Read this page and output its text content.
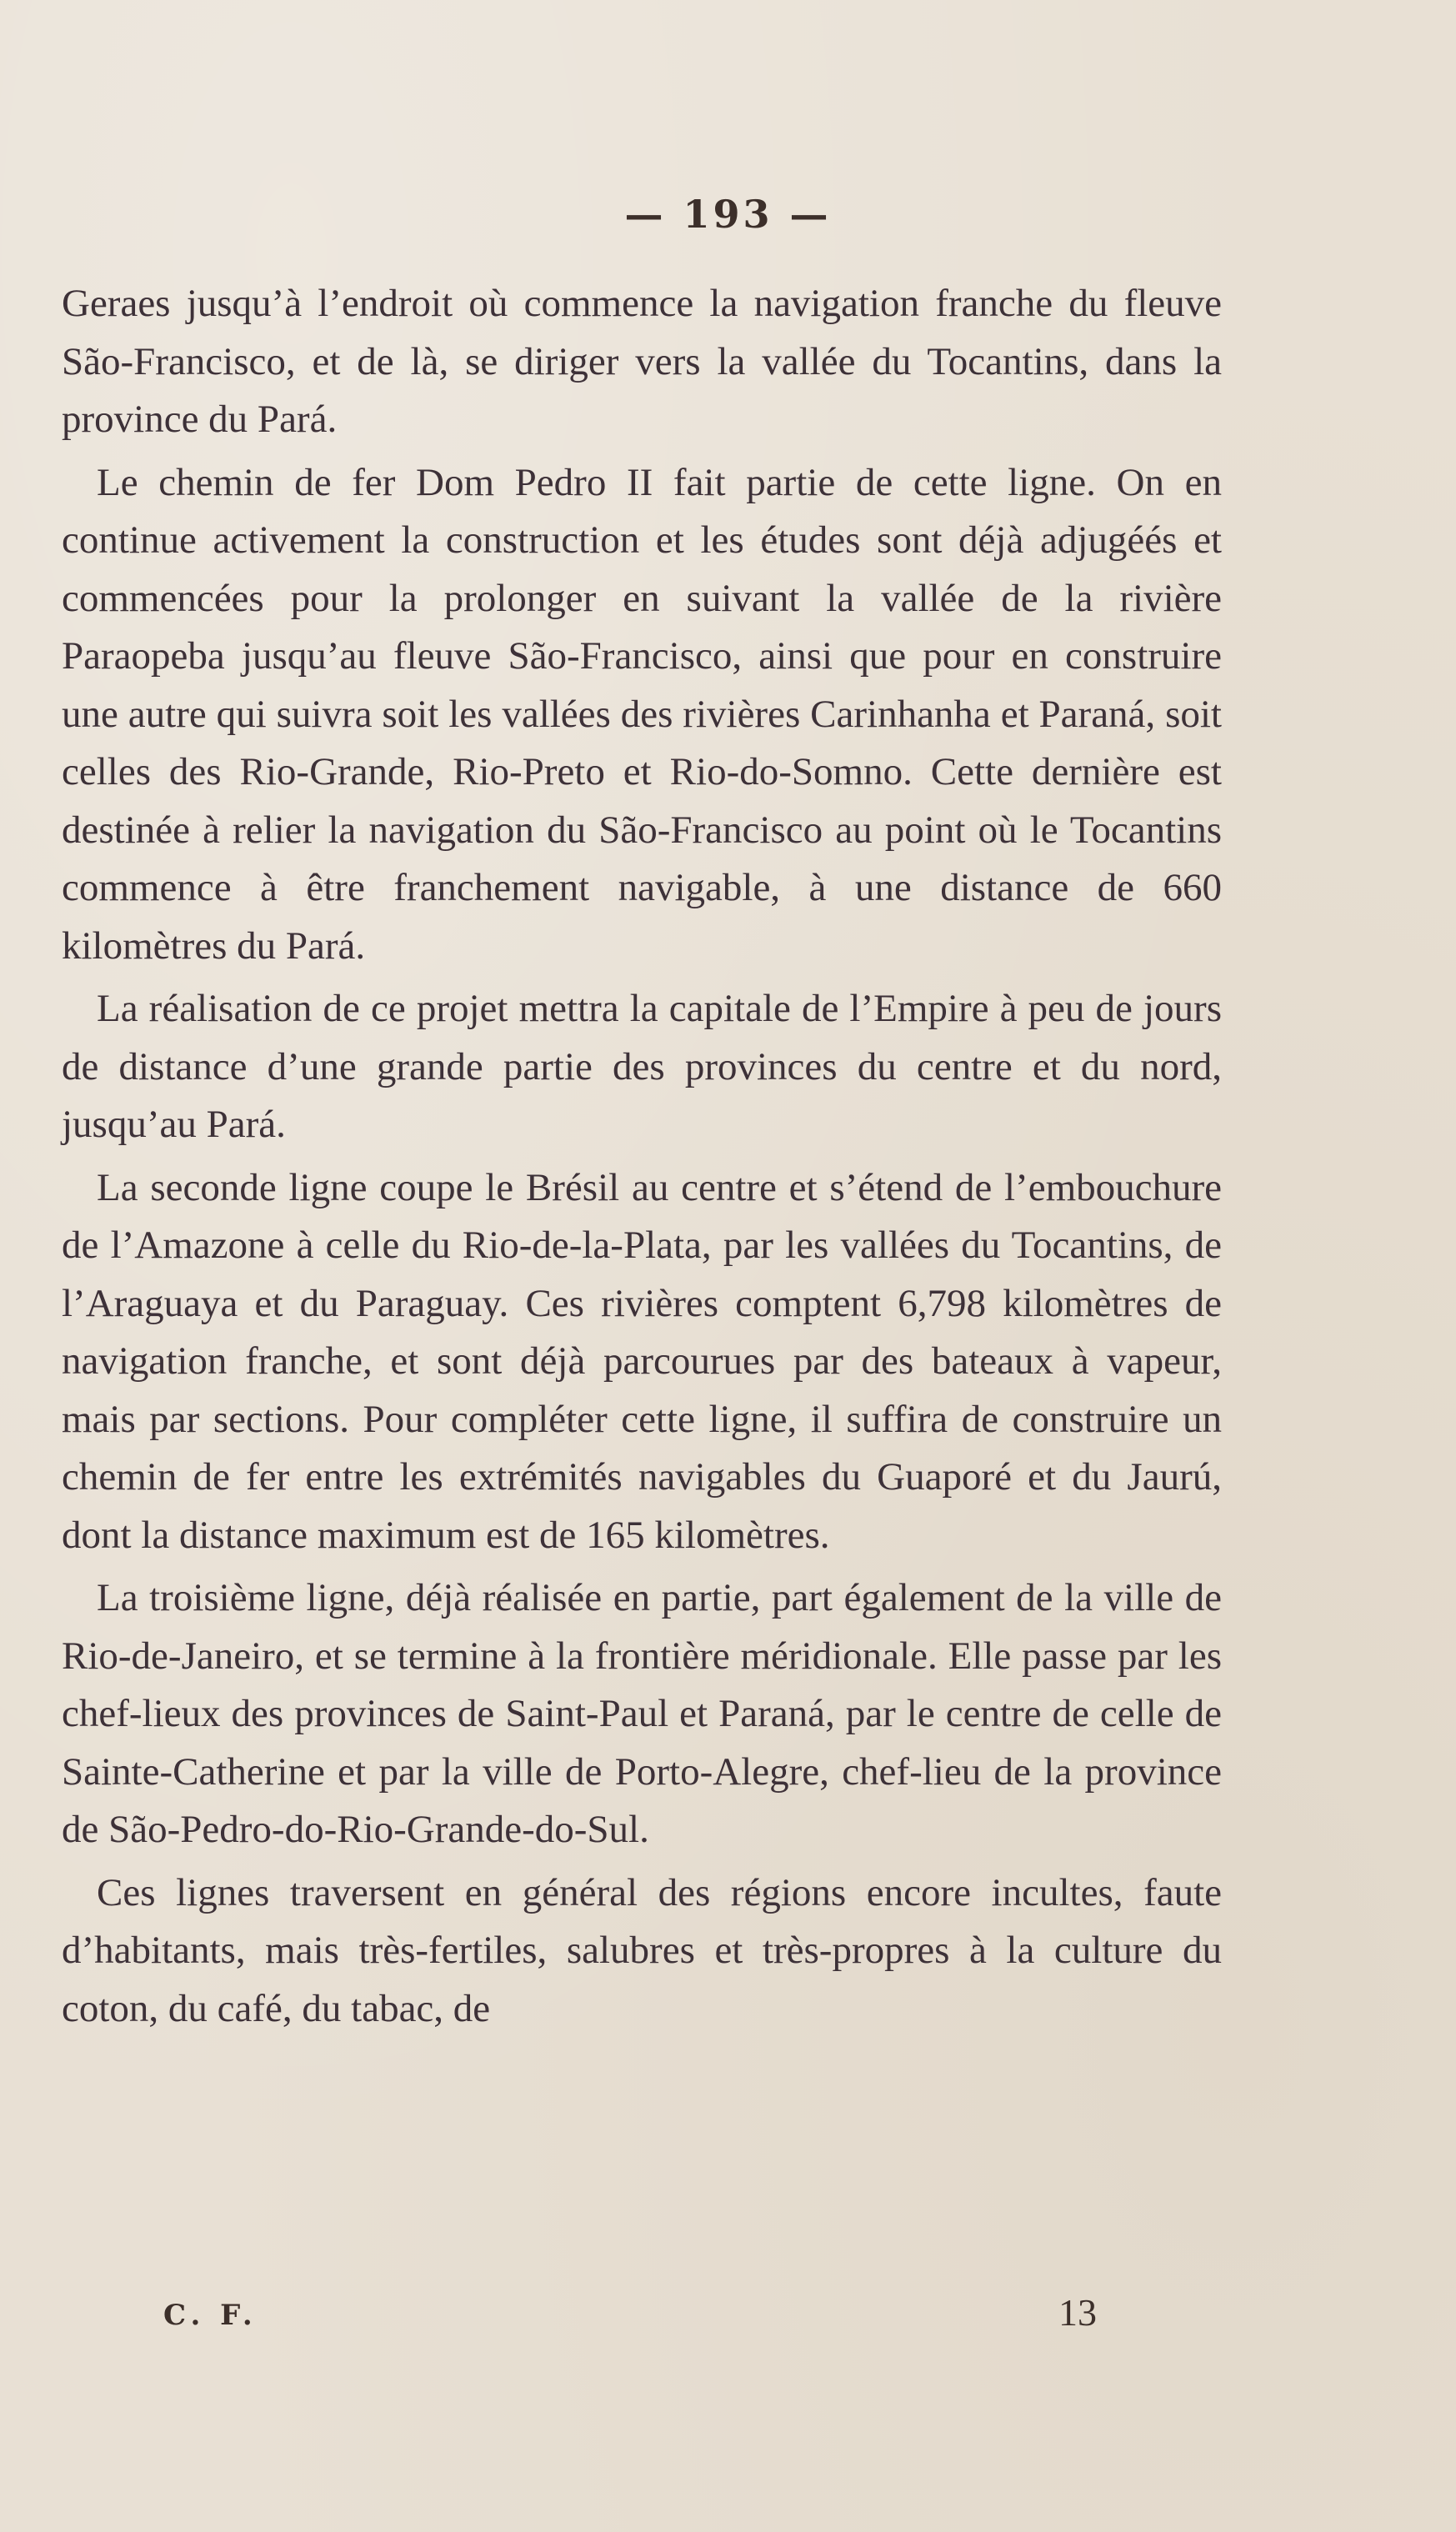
— 193 —

Geraes jusqu’à l’endroit où commence la navigation franche du fleuve São-Francisco, et de là, se diriger vers la vallée du Tocantins, dans la province du Pará.

Le chemin de fer Dom Pedro II fait partie de cette ligne. On en continue activement la construction et les études sont déjà adjugéés et commencées pour la prolonger en suivant la vallée de la rivière Paraopeba jusqu’au fleuve São-Francisco, ainsi que pour en construire une autre qui suivra soit les vallées des rivières Carinhanha et Paraná, soit celles des Rio-Grande, Rio-Preto et Rio-do-Somno. Cette dernière est destinée à relier la navigation du São-Francisco au point où le Tocantins commence à être franchement navigable, à une distance de 660 kilomètres du Pará.

La réalisation de ce projet mettra la capitale de l’Empire à peu de jours de distance d’une grande partie des provinces du centre et du nord, jusqu’au Pará.

La seconde ligne coupe le Brésil au centre et s’étend de l’embouchure de l’Amazone à celle du Rio-de-la-Plata, par les vallées du Tocantins, de l’Araguaya et du Paraguay. Ces rivières comptent 6,798 kilomètres de navigation franche, et sont déjà parcourues par des bateaux à vapeur, mais par sections. Pour compléter cette ligne, il suffira de construire un chemin de fer entre les extrémités navigables du Guaporé et du Jaurú, dont la distance maximum est de 165 kilomètres.

La troisième ligne, déjà réalisée en partie, part également de la ville de Rio-de-Janeiro, et se termine à la frontière méridionale. Elle passe par les chef-lieux des provinces de Saint-Paul et Paraná, par le centre de celle de Sainte-Catherine et par la ville de Porto-Alegre, chef-lieu de la province de São-Pedro-do-Rio-Grande-do-Sul.

Ces lignes traversent en général des régions encore incultes, faute d’habitants, mais très-fertiles, salubres et très-propres à la culture du coton, du café, du tabac, de

C. F.	13
